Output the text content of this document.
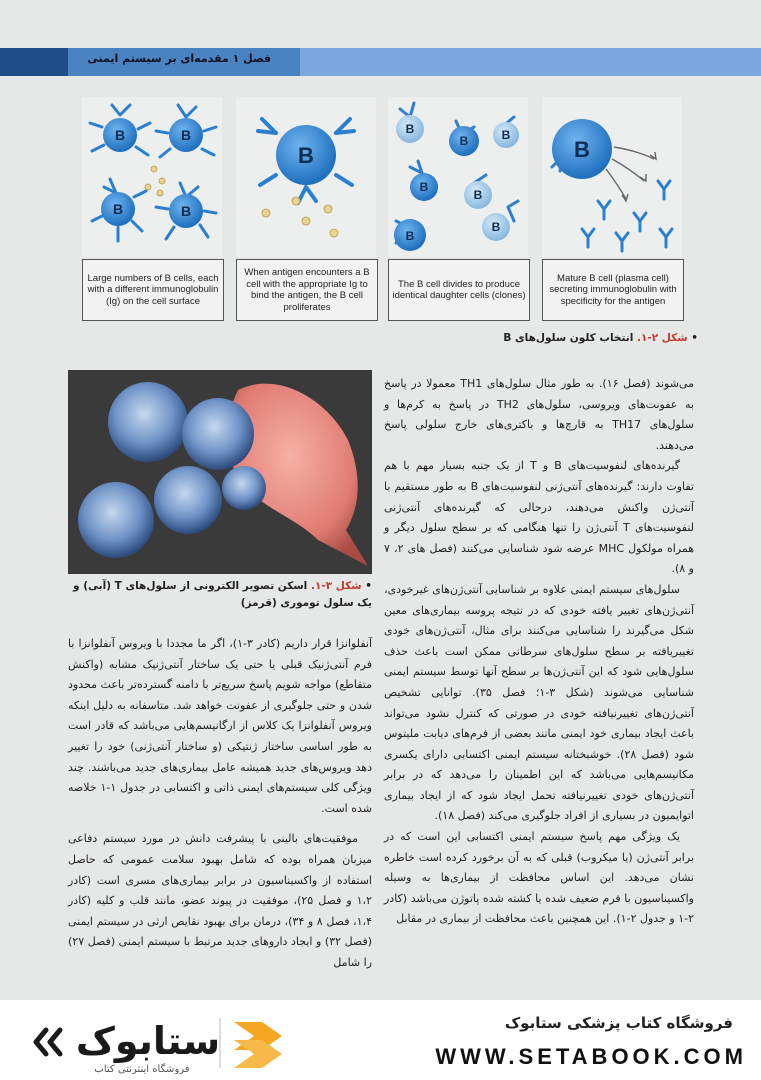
فصل ۱ مقدمه‌ای بر سیستم ایمنی
B	B
B	B
Large numbers of B cells, each with a different immunoglobulin (Ig) on the cell surface
B
When antigen encounters a B cell with the appropriate Ig to bind the antigen, the B cell proliferates
B
B	B
B
B
B
B
The B cell divides to produce identical daughter cells (clones)
B
Mature B cell (plasma cell) secreting immunoglobulin with specificity for the antigen
• شکل ۲-۱. انتخاب کلون سلول‌های B
• شکل ۳-۱. اسکن تصویر الکترونی از سلول‌های T (آبی) و یک سلول توموری (قرمز)

می‌شوند (فصل ۱۶). به طور مثال سلول‌های TH1 معمولا در پاسخ به عفونت‌های ویروسی، سلول‌های TH2 در پاسخ به کرم‌ها و سلول‌های TH17 به قارچ‌ها و باکتری‌های خارج سلولی پاسخ می‌دهند.

گیرنده‌های لنفوسیت‌های B و T از یک جنبه بسیار مهم با هم تفاوت دارند: گیرنده‌های آنتی‌ژنی لنفوسیت‌های B به طور مستقیم با آنتی‌ژن واکنش می‌دهند، درحالی که گیرنده‌های آنتی‌ژنی لنفوسیت‌های T آنتی‌ژن را تنها هنگامی که بر سطح سلول دیگر و همراه مولکول MHC عرضه شود شناسایی می‌کنند (فصل های ۲، ۷ و ۸).

سلول‌های سیستم ایمنی علاوه بر شناسایی آنتی‌ژن‌های غیرخودی، آنتی‌ژن‌های تغییر یافته خودی که در نتیجه پروسه بیماری‌های معین شکل می‌گیرند را شناسایی می‌کنند برای مثال، آنتی‌ژن‌های خودی تغییریافته بر سطح سلول‌های سرطانی ممکن است باعث حذف سلول‌هایی شود که این آنتی‌ژن‌ها بر سطح آنها توسط سیستم ایمنی شناسایی می‌شوند (شکل ۳-۱؛ فصل ۳۵). توانایی تشخیص آنتی‌ژن‌های تغییرنیافته خودی در صورتی که کنترل نشود می‌تواند باعث ایجاد بیماری خود ایمنی مانند بعضی از فرم‌های دیابت ملیتوس شود (فصل ۲۸). خوشبختانه سیستم ایمنی اکتسابی دارای یکسری مکانیسم‌هایی می‌باشد که این اطمینان را می‌دهد که در برابر آنتی‌ژن‌های خودی تغییرنیافته تحمل ایجاد شود که از ایجاد بیماری اتوایمیون در بسیاری از افراد جلوگیری می‌کند (فصل ۱۸).

یک ویژگی مهم پاسخ سیستم ایمنی اکتسابی این است که در برابر آنتی‌ژن (یا میکروب) قبلی که به آن برخورد کرده است خاطره نشان می‌دهد. این اساس محافظت از بیماری‌ها به وسیله واکسیناسیون با فرم ضعیف شده یا کشته شده پاتوژن می‌باشد (کادر ۲-۱ و جدول ۲-۱). این همچنین باعث محافظت از بیماری در مقابل

آنفلوانزا قرار داریم (کادر ۳-۱)، اگر ما مجددا با ویروس آنفلوانزا با فرم آنتی‌ژنیک قبلی یا حتی یک ساختار آنتی‌ژنیک مشابه (واکنش متقاطع) مواجه شویم پاسخ سریع‌تر با دامنه گسترده‌تر باعث محدود شدن و حتی جلوگیری از عفونت خواهد شد. متاسفانه به دلیل اینکه ویروس آنفلوانزا یک کلاس از ارگانیسم‌هایی می‌باشد که قادر است به طور اساسی ساختار ژنتیکی (و ساختار آنتی‌ژنی) خود را تغییر دهد ویروس‌های جدید همیشه عامل بیماری‌های جدید می‌باشند. چند ویژگی کلی سیستم‌های ایمنی ذاتی و اکتسابی در جدول ۱-۱ خلاصه شده است.

موفقیت‌های بالینی با پیشرفت دانش در مورد سیستم دفاعی میزبان همراه بوده که شامل بهبود سلامت عمومی که حاصل استفاده از واکسیناسیون در برابر بیماری‌های مسری است (کادر ۱،۲ و فصل ۲۵)، موفقیت در پیوند عضو، مانند قلب و کلیه (کادر ۱،۴، فصل ۸ و ۳۴)، درمان برای بهبود نقایص ارثی در سیستم ایمنی (فصل ۳۲) و ایجاد داروهای جدید مرتبط با سیستم ایمنی (فصل ۲۷) را شامل

ستابوک
فروشگاه اینترنتی کتاب
فروشگاه کتاب پزشکی ستابوک
WWW.SETABOOK.COM
